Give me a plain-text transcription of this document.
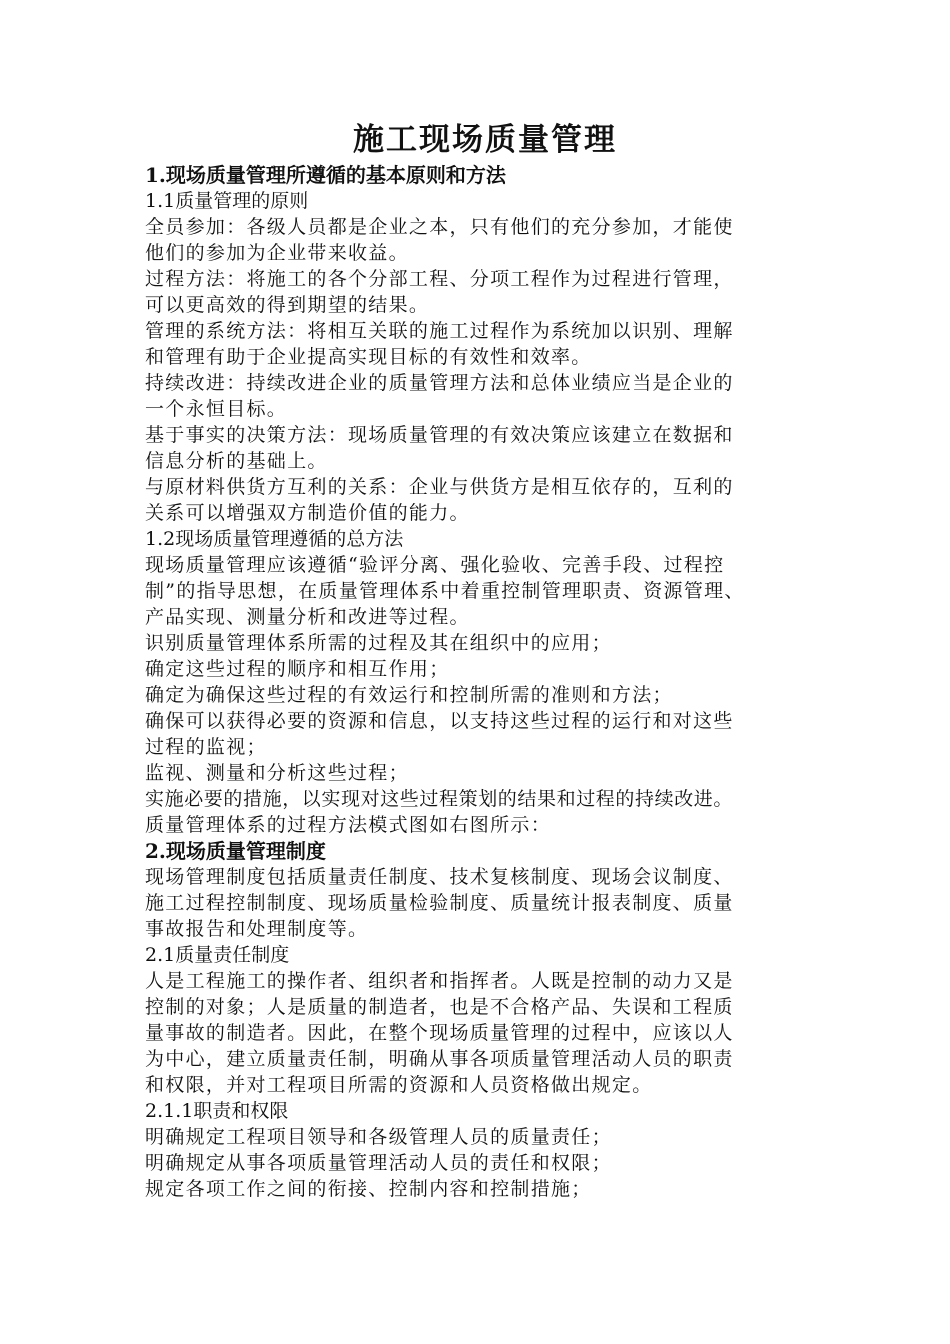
施工现场质量管理
1.现场质量管理所遵循的基本原则和方法
1.1质量管理的原则
全员参加：各级人员都是企业之本，只有他们的充分参加，才能使
他们的参加为企业带来收益。
过程方法：将施工的各个分部工程、分项工程作为过程进行管理，
可以更高效的得到期望的结果。
管理的系统方法：将相互关联的施工过程作为系统加以识别、理解
和管理有助于企业提高实现目标的有效性和效率。
持续改进：持续改进企业的质量管理方法和总体业绩应当是企业的
一个永恒目标。
基于事实的决策方法：现场质量管理的有效决策应该建立在数据和
信息分析的基础上。
与原材料供货方互利的关系：企业与供货方是相互依存的，互利的
关系可以增强双方制造价值的能力。
1.2现场质量管理遵循的总方法
现场质量管理应该遵循“验评分离、强化验收、完善手段、过程控
制”的指导思想，在质量管理体系中着重控制管理职责、资源管理、
产品实现、测量分析和改进等过程。
识别质量管理体系所需的过程及其在组织中的应用；
确定这些过程的顺序和相互作用；
确定为确保这些过程的有效运行和控制所需的准则和方法；
确保可以获得必要的资源和信息，以支持这些过程的运行和对这些
过程的监视；
监视、测量和分析这些过程；
实施必要的措施，以实现对这些过程策划的结果和过程的持续改进。
质量管理体系的过程方法模式图如右图所示：
2.现场质量管理制度
现场管理制度包括质量责任制度、技术复核制度、现场会议制度、
施工过程控制制度、现场质量检验制度、质量统计报表制度、质量
事故报告和处理制度等。
2.1质量责任制度
人是工程施工的操作者、组织者和指挥者。人既是控制的动力又是
控制的对象；人是质量的制造者，也是不合格产品、失误和工程质
量事故的制造者。因此，在整个现场质量管理的过程中，应该以人
为中心，建立质量责任制，明确从事各项质量管理活动人员的职责
和权限，并对工程项目所需的资源和人员资格做出规定。
2.1.1职责和权限
明确规定工程项目领导和各级管理人员的质量责任；
明确规定从事各项质量管理活动人员的责任和权限；
规定各项工作之间的衔接、控制内容和控制措施；
